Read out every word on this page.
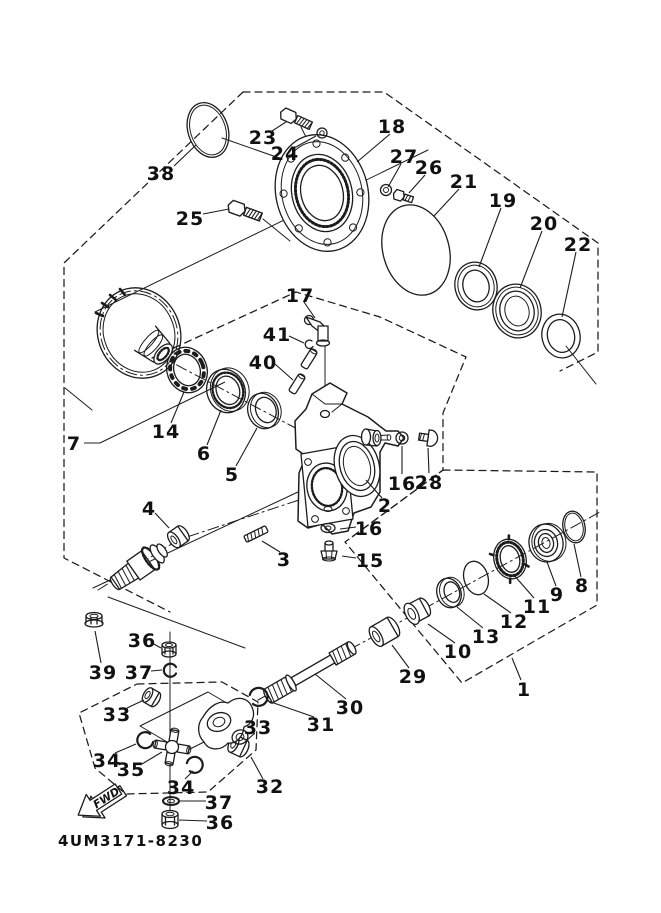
FWD
4UM3171-8230
38
23
24
25
18
27
26
21
19
20
22
17
41
40
14
6
5
7
4
3
2
16
28
16
15
8
9
11
12
13
10
29
30
31
1
39
36
37
33
34
35
34
37
36
33
32
